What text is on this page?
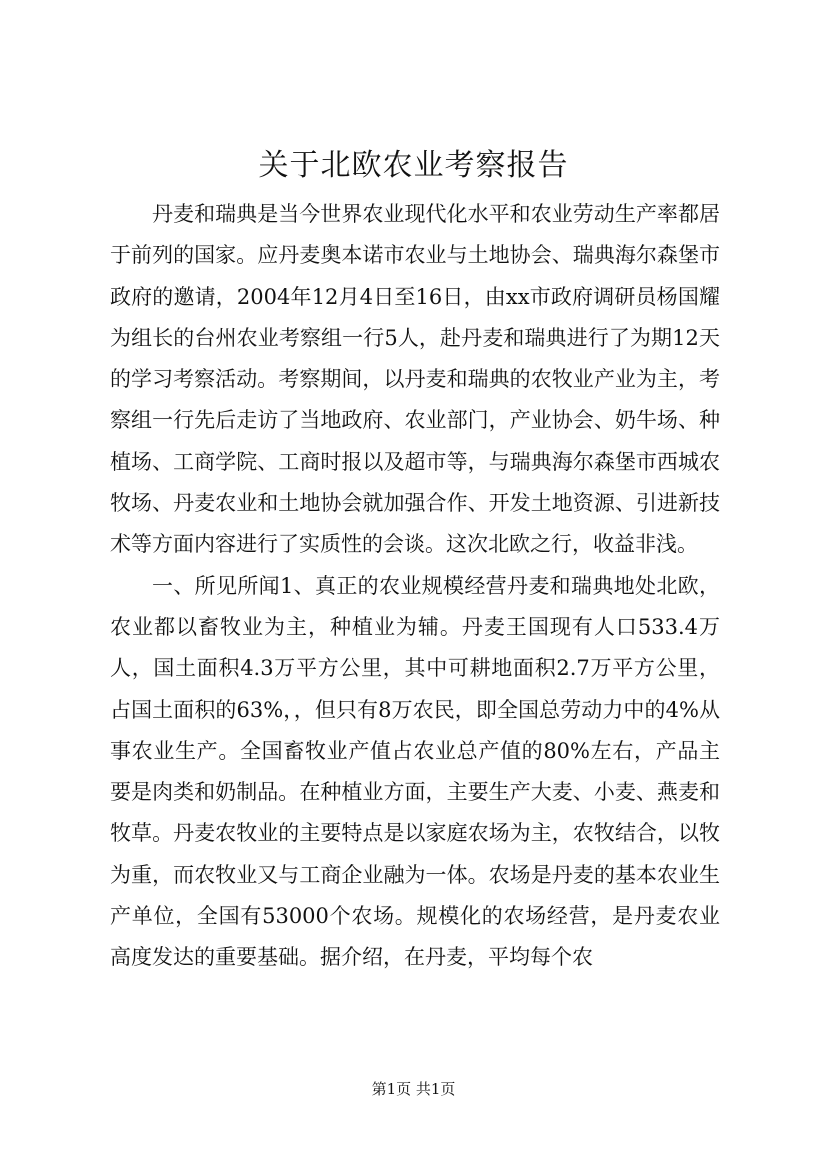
关于北欧农业考察报告

丹麦和瑞典是当今世界农业现代化水平和农业劳动生产率都居于前列的国家。应丹麦奥本诺市农业与土地协会、瑞典海尔森堡市政府的邀请，2004年12月4日至16日，由xx市政府调研员杨国耀为组长的台州农业考察组一行5人，赴丹麦和瑞典进行了为期12天的学习考察活动。考察期间，以丹麦和瑞典的农牧业产业为主，考察组一行先后走访了当地政府、农业部门，产业协会、奶牛场、种植场、工商学院、工商时报以及超市等，与瑞典海尔森堡市西城农牧场、丹麦农业和土地协会就加强合作、开发土地资源、引进新技术等方面内容进行了实质性的会谈。这次北欧之行，收益非浅。

一、所见所闻1、真正的农业规模经营丹麦和瑞典地处北欧，农业都以畜牧业为主，种植业为辅。丹麦王国现有人口533.4万人，国土面积4.3万平方公里，其中可耕地面积2.7万平方公里，占国土面积的63%，，但只有8万农民，即全国总劳动力中的4%从事农业生产。全国畜牧业产值占农业总产值的80%左右，产品主要是肉类和奶制品。在种植业方面，主要生产大麦、小麦、燕麦和牧草。丹麦农牧业的主要特点是以家庭农场为主，农牧结合，以牧为重，而农牧业又与工商企业融为一体。农场是丹麦的基本农业生产单位，全国有53000个农场。规模化的农场经营，是丹麦农业高度发达的重要基础。据介绍，在丹麦，平均每个农

第1页 共1页
